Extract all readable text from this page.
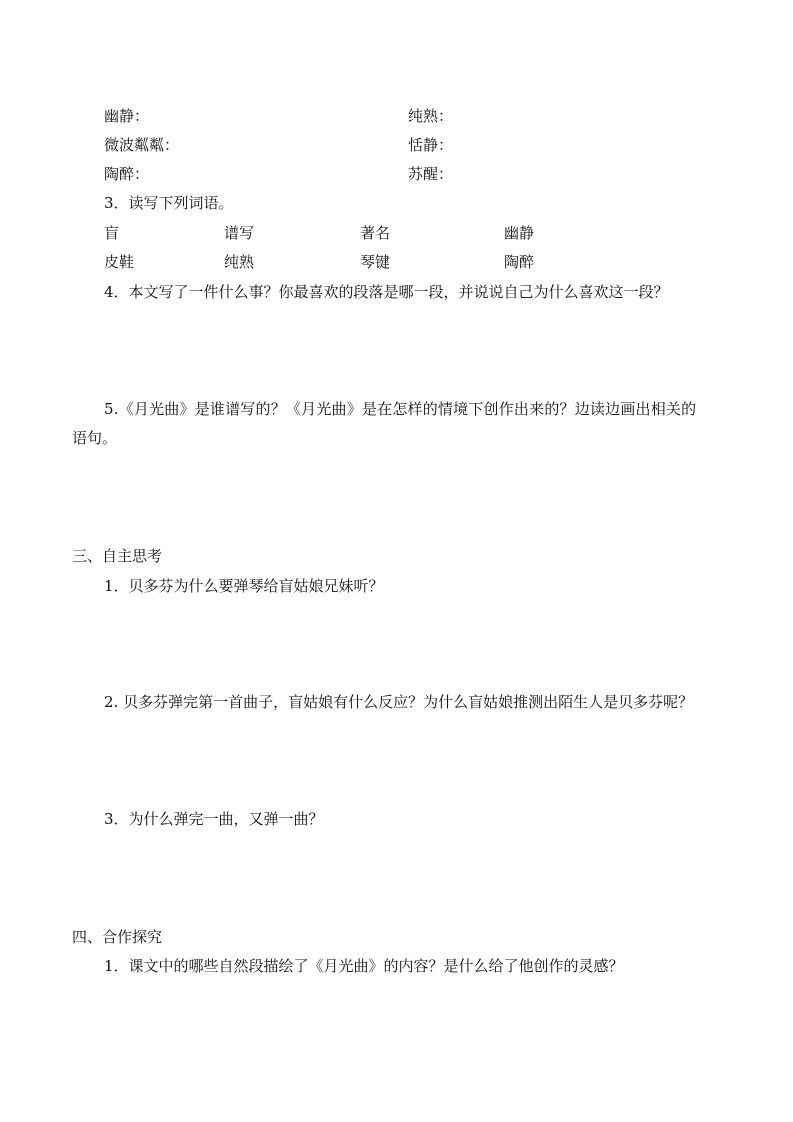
幽静：	纯熟：
微波粼粼：	恬静：
陶醉：	苏醒：
3．读写下列词语。
盲	谱写	著名	幽静
皮鞋	纯熟	琴键	陶醉
4．本文写了一件什么事？你最喜欢的段落是哪一段，并说说自己为什么喜欢这一段？
5.《月光曲》是谁谱写的？《月光曲》是在怎样的情境下创作出来的？边读边画出相关的
语句。
三、自主思考
1．贝多芬为什么要弹琴给盲姑娘兄妹听？
2. 贝多芬弹完第一首曲子，盲姑娘有什么反应？为什么盲姑娘推测出陌生人是贝多芬呢？
3．为什么弹完一曲，又弹一曲？
四、合作探究
1．课文中的哪些自然段描绘了《月光曲》的内容？是什么给了他创作的灵感？
